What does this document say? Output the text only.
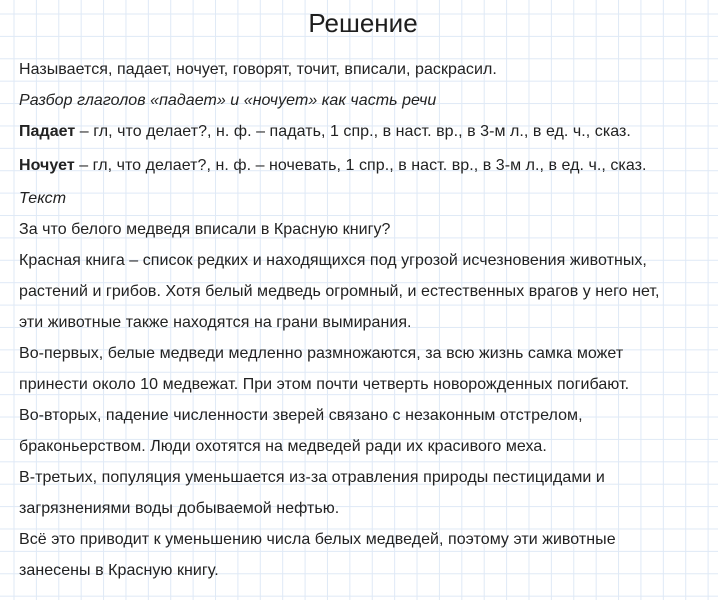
Решение
Называется, падает, ночует, говорят, точит, вписали, раскрасил.
Разбор глаголов «падает» и «ночует» как часть речи
Падает – гл, что делает?, н. ф. – падать, 1 спр., в наст. вр., в 3-м л., в ед. ч., сказ.
Ночует – гл, что делает?, н. ф. – ночевать, 1 спр., в наст. вр., в 3-м л., в ед. ч., сказ.
Текст
За что белого медведя вписали в Красную книгу?
Красная книга – список редких и находящихся под угрозой исчезновения животных,
растений и грибов. Хотя белый медведь огромный, и естественных врагов у него нет,
эти животные также находятся на грани вымирания.
Во-первых, белые медведи медленно размножаются, за всю жизнь самка может
принести около 10 медвежат. При этом почти четверть новорожденных погибают.
Во-вторых, падение численности зверей связано с незаконным отстрелом,
браконьерством. Люди охотятся на медведей ради их красивого меха.
В-третьих, популяция уменьшается из-за отравления природы пестицидами и
загрязнениями воды добываемой нефтью.
Всё это приводит к уменьшению числа белых медведей, поэтому эти животные
занесены в Красную книгу.
